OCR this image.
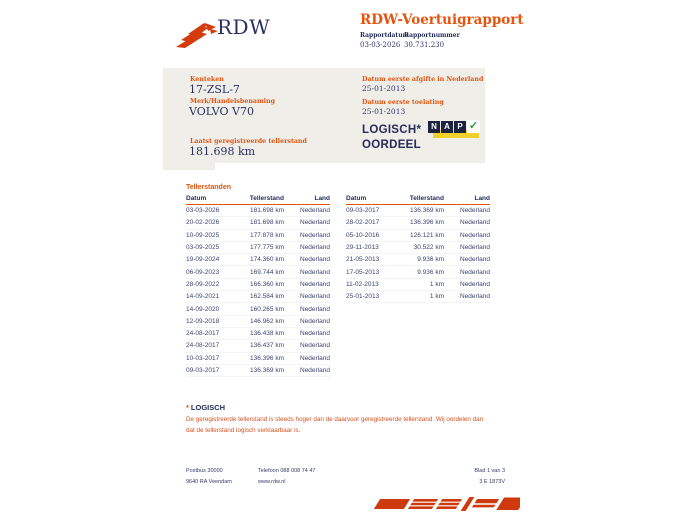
RDW	RDW-Voertuigrapport
Rapportdatum
03-03-2026
Rapportnummer
30.731.230
Kenteken
17-ZSL-7
Merk/Handelsbenaming
VOLVO V70
Laatst geregistreerde tellerstand
181.698 km
Datum eerste afgifte in Nederland
25-01-2013
Datum eerste toelating
25-01-2013
LOGISCH*
OORDEEL
N A P ✓
Tellerstanden
Datum	Tellerstand	Land
03-03-2026	181.698 km	Nederland
20-02-2026	181.698 km	Nederland
10-09-2025	177.878 km	Nederland
03-09-2025	177.775 km	Nederland
19-09-2024	174.360 km	Nederland
06-09-2023	169.744 km	Nederland
28-09-2022	166.360 km	Nederland
14-09-2021	162.584 km	Nederland
14-09-2020	160.265 km	Nederland
12-09-2018	146.962 km	Nederland
24-08-2017	136.438 km	Nederland
24-08-2017	136.437 km	Nederland
10-03-2017	136.396 km	Nederland
09-03-2017	136.369 km	Nederland
Datum	Tellerstand	Land
09-03-2017	136.369 km	Nederland
28-02-2017	136.396 km	Nederland
05-10-2016	126.121 km	Nederland
29-11-2013	30.522 km	Nederland
21-05-2013	9.936 km	Nederland
17-05-2013	9.936 km	Nederland
11-02-2013	1 km	Nederland
25-01-2013	1 km	Nederland
* LOGISCH
De geregistreerde tellerstand is steeds hoger dan de daarvoor geregistreerde tellerstand. Wij oordelen dan dat de tellerstand logisch verklaarbaar is.
Postbus 30000
9640 RA Veendam
Telefoon 088 008 74 47
www.rdw.nl
Blad 1 van 3
3 E 1873V
